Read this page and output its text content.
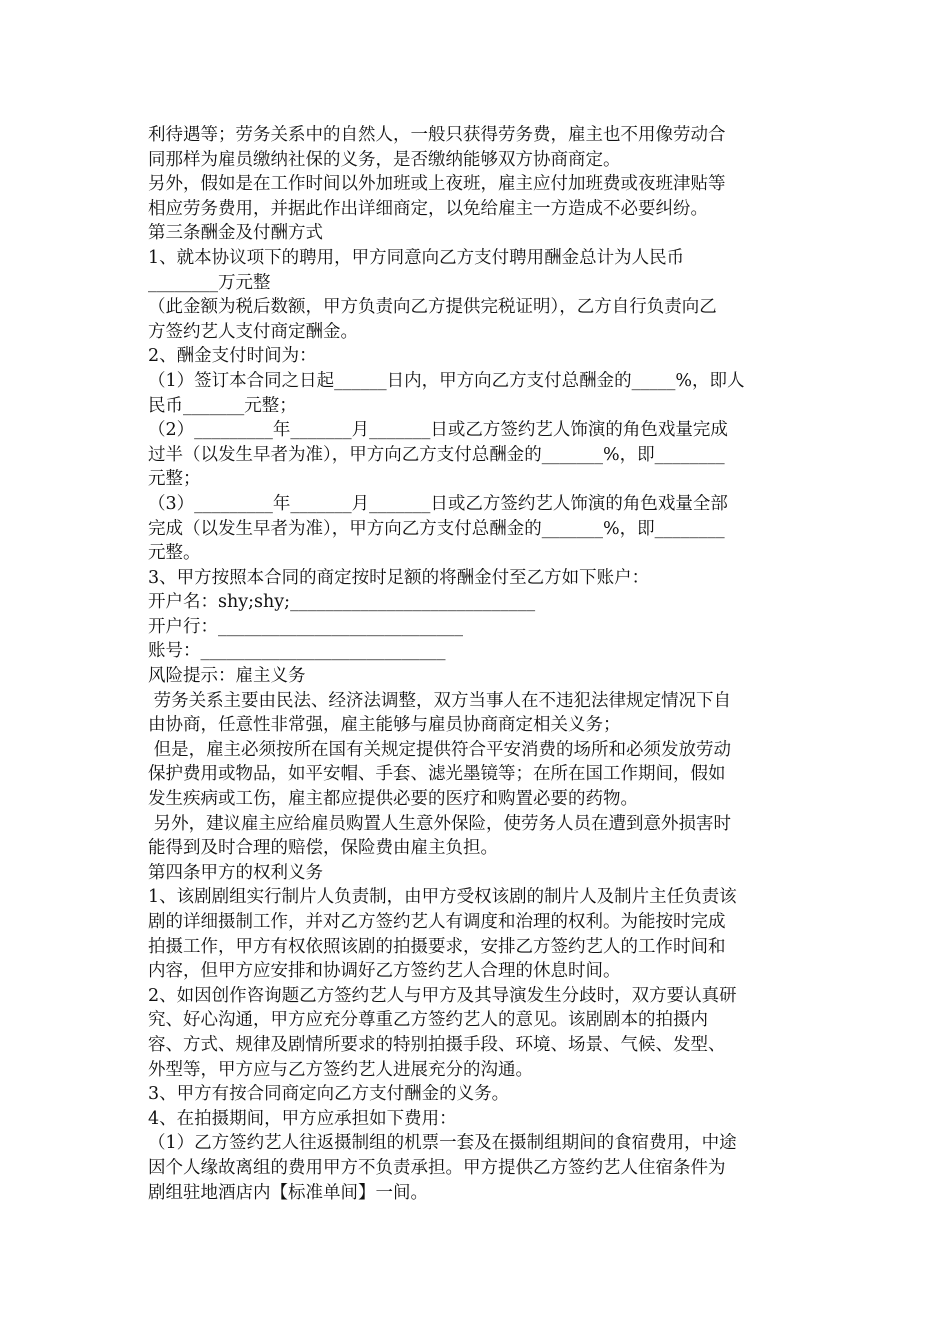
利待遇等；劳务关系中的自然人，一般只获得劳务费，雇主也不用像劳动合
同那样为雇员缴纳社保的义务，是否缴纳能够双方协商商定。
另外，假如是在工作时间以外加班或上夜班，雇主应付加班费或夜班津贴等
相应劳务费用，并据此作出详细商定，以免给雇主一方造成不必要纠纷。
第三条酬金及付酬方式
1、就本协议项下的聘用，甲方同意向乙方支付聘用酬金总计为人民币
________万元整
（此金额为税后数额，甲方负责向乙方提供完税证明），乙方自行负责向乙
方签约艺人支付商定酬金。
2、酬金支付时间为：
（1）签订本合同之日起______日内，甲方向乙方支付总酬金的_____%，即人
民币_______元整；
（2）_________年_______月_______日或乙方签约艺人饰演的角色戏量完成
过半（以发生早者为准），甲方向乙方支付总酬金的_______%，即________
元整；
（3）_________年_______月_______日或乙方签约艺人饰演的角色戏量全部
完成（以发生早者为准），甲方向乙方支付总酬金的_______%，即________
元整。
3、甲方按照本合同的商定按时足额的将酬金付至乙方如下账户：
开户名：shy;shy;____________________________
开户行：____________________________
账号：____________________________
风险提示：雇主义务
劳务关系主要由民法、经济法调整，双方当事人在不违犯法律规定情况下自
由协商，任意性非常强，雇主能够与雇员协商商定相关义务；
但是，雇主必须按所在国有关规定提供符合平安消费的场所和必须发放劳动
保护费用或物品，如平安帽、手套、滤光墨镜等；在所在国工作期间，假如
发生疾病或工伤，雇主都应提供必要的医疗和购置必要的药物。
另外，建议雇主应给雇员购置人生意外保险，使劳务人员在遭到意外损害时
能得到及时合理的赔偿，保险费由雇主负担。
第四条甲方的权利义务
1、该剧剧组实行制片人负责制，由甲方受权该剧的制片人及制片主任负责该
剧的详细摄制工作，并对乙方签约艺人有调度和治理的权利。为能按时完成
拍摄工作，甲方有权依照该剧的拍摄要求，安排乙方签约艺人的工作时间和
内容，但甲方应安排和协调好乙方签约艺人合理的休息时间。
2、如因创作咨询题乙方签约艺人与甲方及其导演发生分歧时，双方要认真研
究、好心沟通，甲方应充分尊重乙方签约艺人的意见。该剧剧本的拍摄内
容、方式、规律及剧情所要求的特别拍摄手段、环境、场景、气候、发型、
外型等，甲方应与乙方签约艺人进展充分的沟通。
3、甲方有按合同商定向乙方支付酬金的义务。
4、在拍摄期间，甲方应承担如下费用：
（1）乙方签约艺人往返摄制组的机票一套及在摄制组期间的食宿费用，中途
因个人缘故离组的费用甲方不负责承担。甲方提供乙方签约艺人住宿条件为
剧组驻地酒店内【标准单间】一间。
